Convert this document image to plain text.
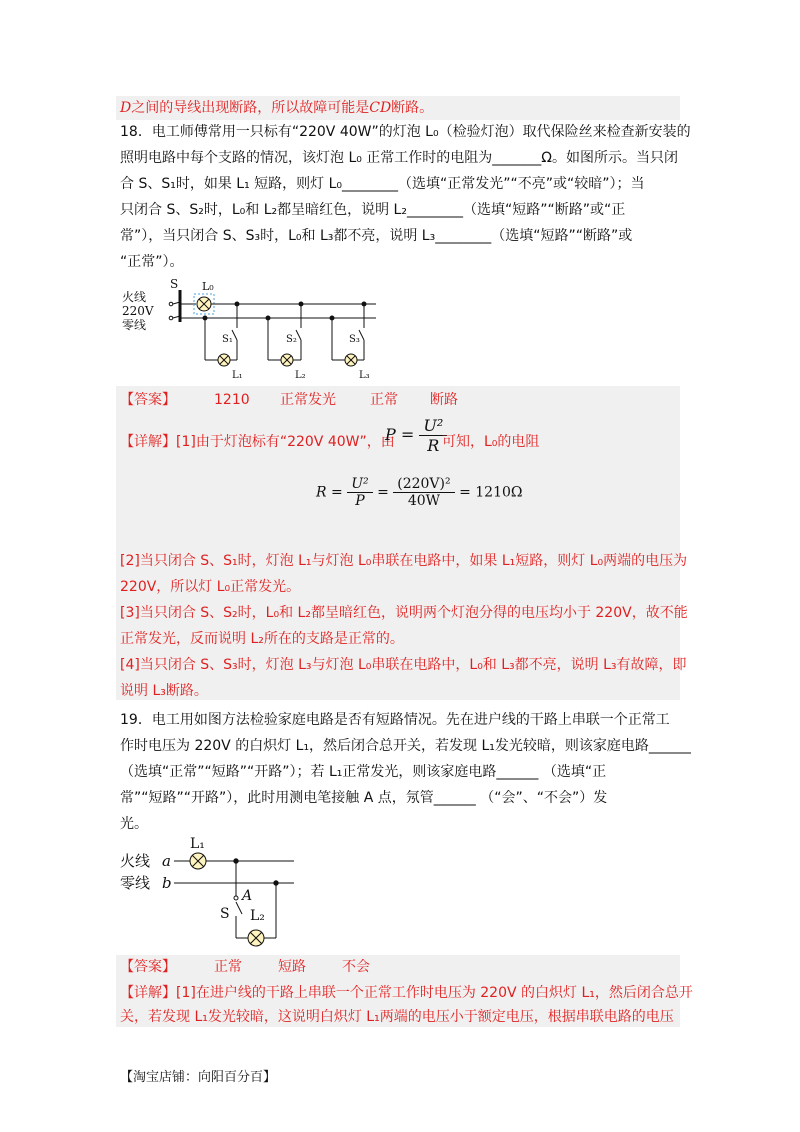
D之间的导线出现断路，所以故障可能是CD断路。
18．电工师傅常用一只标有“220V 40W”的灯泡 L₀（检验灯泡）取代保险丝来检查新安装的
照明电路中每个支路的情况，该灯泡 L₀ 正常工作时的电阻为_______Ω。如图所示。当只闭
合 S、S₁时，如果 L₁ 短路，则灯 L₀________（选填“正常发光”“不亮”或“较暗”）；当
只闭合 S、S₂时，L₀和 L₂都呈暗红色，说明 L₂________（选填“短路”“断路”或“正
常”），当只闭合 S、S₃时，L₀和 L₃都不亮，说明 L₃________（选填“短路”“断路”或
“正常”）。
火线
220V
零线
S L₀
S₁	S₂	S₃
L₁	L₂	L₃
【答案】	1210 正常发光 正常 断路
【详解】[1]由于灯泡标有“220V 40W”，由
$P = \frac{\text{U²}}{R}$
可知，L₀的电阻
$R = \frac{\text{U²}}{P} = \frac{\text{(220V)²}}{40W} = 1210\Omega$
[2]当只闭合 S、S₁时，灯泡 L₁与灯泡 L₀串联在电路中，如果 L₁短路，则灯 L₀两端的电压为
220V，所以灯 L₀正常发光。
[3]当只闭合 S、S₂时，L₀和 L₂都呈暗红色，说明两个灯泡分得的电压均小于 220V，故不能
正常发光，反而说明 L₂所在的支路是正常的。
[4]当只闭合 S、S₃时，灯泡 L₃与灯泡 L₀串联在电路中，L₀和 L₃都不亮，说明 L₃有故障，即
说明 L₃断路。
19．电工用如图方法检验家庭电路是否有短路情况。先在进户线的干路上串联一个正常工
作时电压为 220V 的白炽灯 L₁，然后闭合总开关，若发现 L₁发光较暗，则该家庭电路______
（选填“正常”“短路”“开路”）；若 L₁正常发光，则该家庭电路______ （选填“正
常”“短路”“开路”），此时用测电笔接触 A 点，氖管______ （“会”、“不会”）发
光。
火线 a
零线 b
L₁
A
S L₂
【答案】	正常	短路	不会
【详解】[1]在进户线的干路上串联一个正常工作时电压为 220V 的白炽灯 L₁，然后闭合总开
关，若发现 L₁发光较暗，这说明白炽灯 L₁两端的电压小于额定电压，根据串联电路的电压
【淘宝店铺：向阳百分百】
